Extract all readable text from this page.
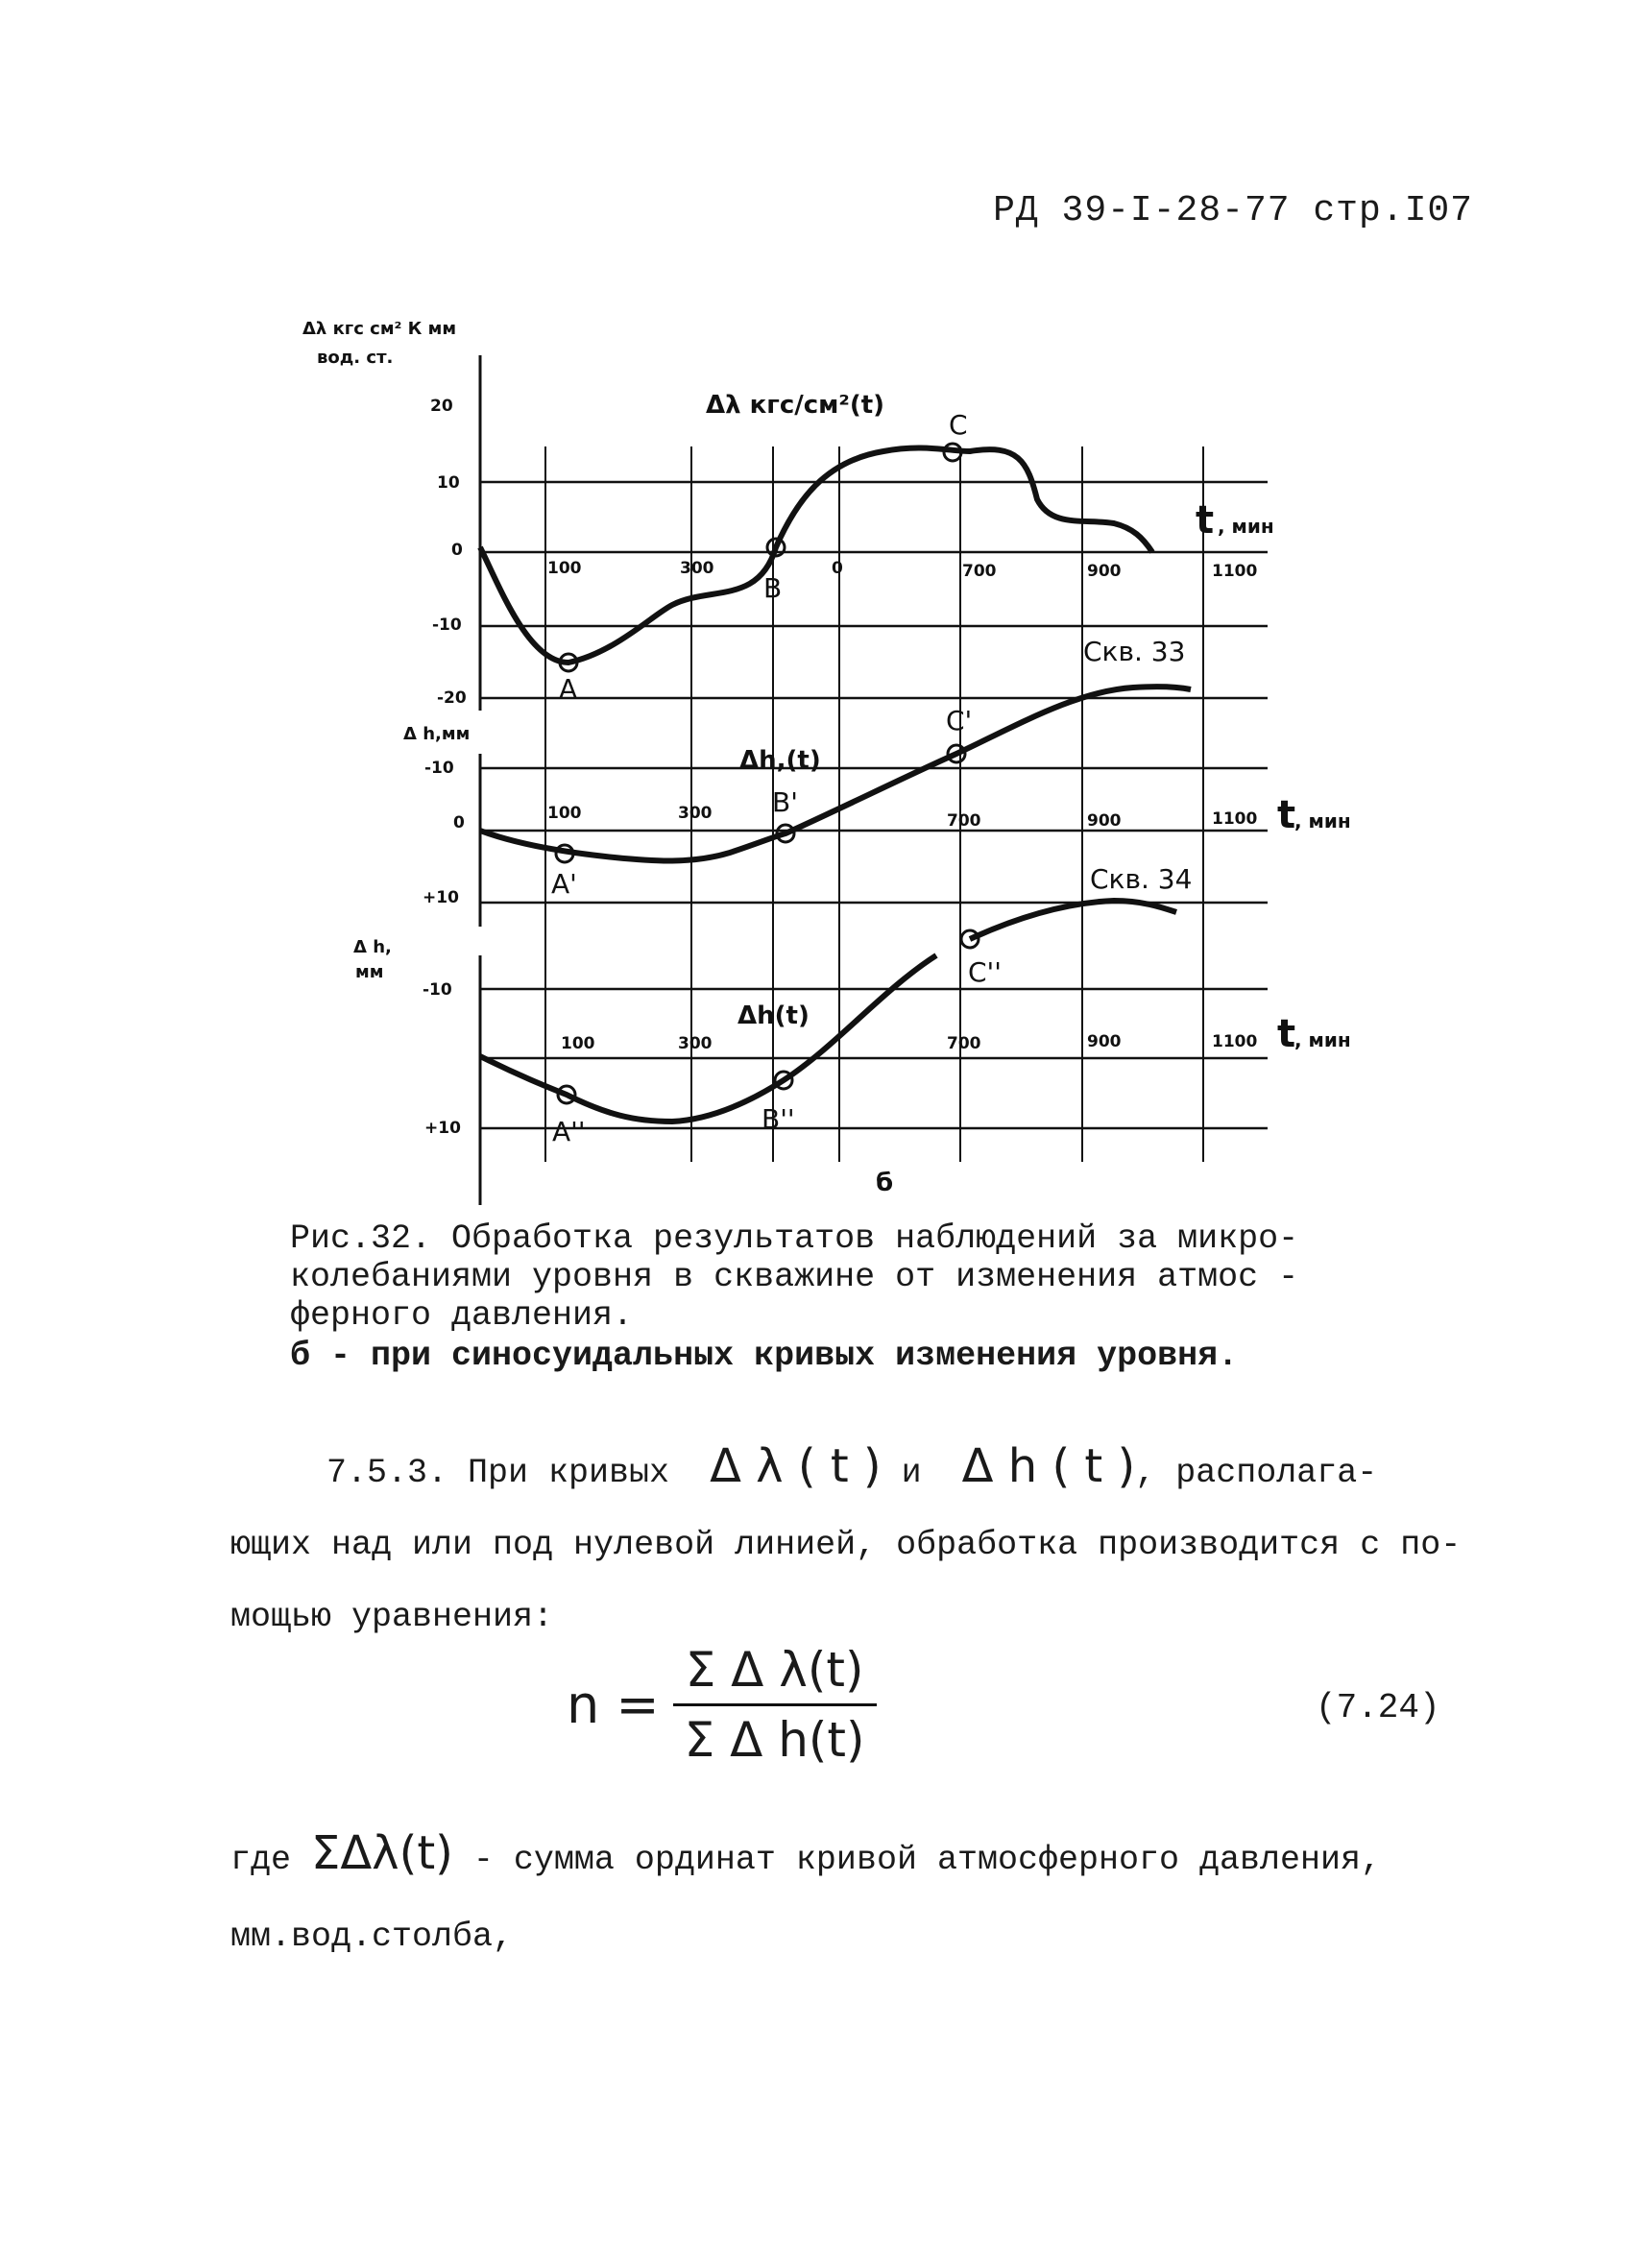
РД 39-I-28-77 стр.I07
Δλ кгс см² К мм
вод. ст.
20
10
0
-10
-20
100	300	0	700	900	1100
Δλ кгс/см²(t)
t , мин
А
В
С
Δ h,мм
-10
0
+10
100	300	700	900	1100
Δh,(t)
Скв. 33
t
, мин
А'
В'
С'
Δ h,
мм
-10
+10
100	300	700	900	1100
Δh(t)
Скв. 34
t
, мин
А''	В''
С''
б
Рис.32. Обработка результатов наблюдений за микро-
колебаниями уровня в скважине от изменения атмос -
ферного давления.
б - при синосуидальных кривых изменения уровня.
7.5.3. При кривых Δ λ ( t ) и Δ h ( t ), располага-
ющих над или под нулевой линией, обработка производится с по-
мощью уравнения:
$n = \frac{\text{Σ Δ λ(t)}}{\text{Σ Δ h(t)}}$	(7.24)
где ΣΔλ(t) - сумма ординат кривой атмосферного давления,
мм.вод.столба,
